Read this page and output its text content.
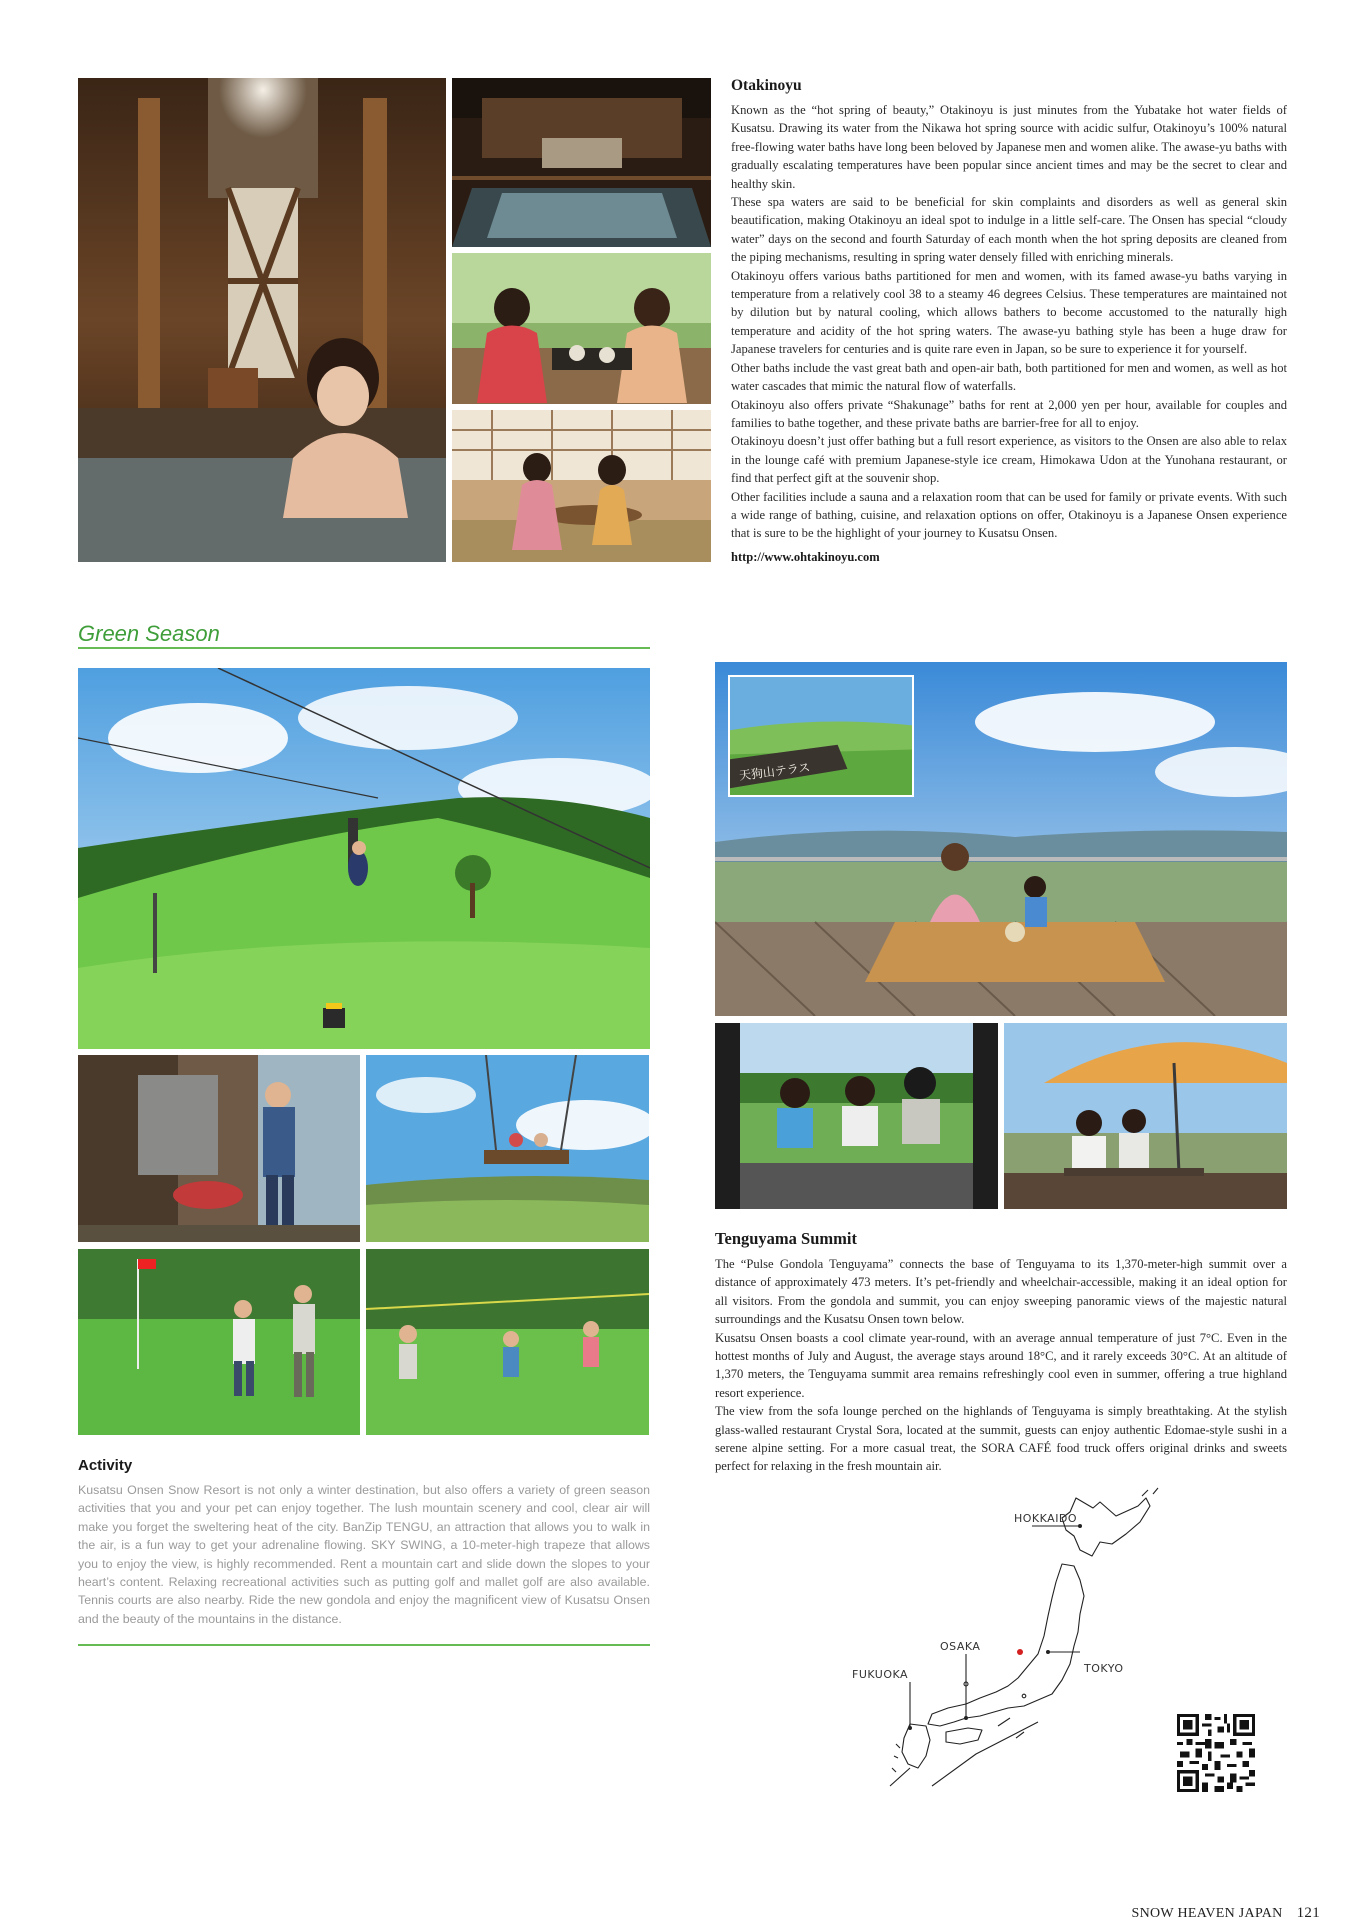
Otakinoyu

Known as the “hot spring of beauty,” Otakinoyu is just minutes from the Yubatake hot water fields of Kusatsu. Drawing its water from the Nikawa hot spring source with acidic sulfur, Otakinoyu’s 100% natural free-flowing water baths have long been beloved by Japanese men and women alike. The awase-yu baths with gradually escalating temperatures have been popular since ancient times and may be the secret to clear and healthy skin.

These spa waters are said to be beneficial for skin complaints and disorders as well as general skin beautification, making Otakinoyu an ideal spot to indulge in a little self-care. The Onsen has special “cloudy water” days on the second and fourth Saturday of each month when the hot spring deposits are cleaned from the piping mechanisms, resulting in spring water densely filled with enriching minerals.

Otakinoyu offers various baths partitioned for men and women, with its famed awase-yu baths varying in temperature from a relatively cool 38 to a steamy 46 degrees Celsius. These temperatures are maintained not by dilution but by natural cooling, which allows bathers to become accustomed to the naturally high temperature and acidity of the hot spring waters. The awase-yu bathing style has been a huge draw for Japanese travelers for centuries and is quite rare even in Japan, so be sure to experience it for yourself.

Other baths include the vast great bath and open-air bath, both partitioned for men and women, as well as hot water cascades that mimic the natural flow of waterfalls.

Otakinoyu also offers private “Shakunage” baths for rent at 2,000 yen per hour, available for couples and families to bathe together, and these private baths are barrier-free for all to enjoy.

Otakinoyu doesn’t just offer bathing but a full resort experience, as visitors to the Onsen are also able to relax in the lounge café with premium Japanese-style ice cream, Himokawa Udon at the Yunohana restaurant, or find that perfect gift at the souvenir shop.

Other facilities include a sauna and a relaxation room that can be used for family or private events. With such a wide range of bathing, cuisine, and relaxation options on offer, Otakinoyu is a Japanese Onsen experience that is sure to be the highlight of your journey to Kusatsu Onsen.

http://www.ohtakinoyu.com
Green Season
Activity
Kusatsu Onsen Snow Resort is not only a winter destination, but also offers a variety of green season activities that you and your pet can enjoy together. The lush mountain scenery and cool, clear air will make you forget the sweltering heat of the city. BanZip TENGU, an attraction that allows you to walk in the air, is a fun way to get your adrenaline flowing. SKY SWING, a 10-meter-high trapeze that allows you to enjoy the view, is highly recommended. Rent a mountain cart and slide down the slopes to your heart’s content. Relaxing recreational activities such as putting golf and mallet golf are also available. Tennis courts are also nearby. Ride the new gondola and enjoy the magnificent view of Kusatsu Onsen and the beauty of the mountains in the distance.
天狗山テラス
Tenguyama Summit

The “Pulse Gondola Tenguyama” connects the base of Tenguyama to its 1,370-meter-high summit over a distance of approximately 473 meters. It’s pet-friendly and wheelchair-accessible, making it an ideal option for all visitors. From the gondola and summit, you can enjoy sweeping panoramic views of the majestic natural surroundings and the Kusatsu Onsen town below.

Kusatsu Onsen boasts a cool climate year-round, with an average annual temperature of just 7°C. Even in the hottest months of July and August, the average stays around 18°C, and it rarely exceeds 30°C. At an altitude of 1,370 meters, the Tenguyama summit area remains refreshingly cool even in summer, offering a true highland resort experience.

The view from the sofa lounge perched on the highlands of Tenguyama is simply breathtaking. At the stylish glass-walled restaurant Crystal Sora, located at the summit, guests can enjoy authentic Edomae-style sushi in a serene alpine setting. For a more casual treat, the SORA CAFÉ food truck offers original drinks and sweets perfect for relaxing in the fresh mountain air.

HOKKAIDO
OSAKA
TOKYO
FUKUOKA
SNOW HEAVEN JAPAN 121
